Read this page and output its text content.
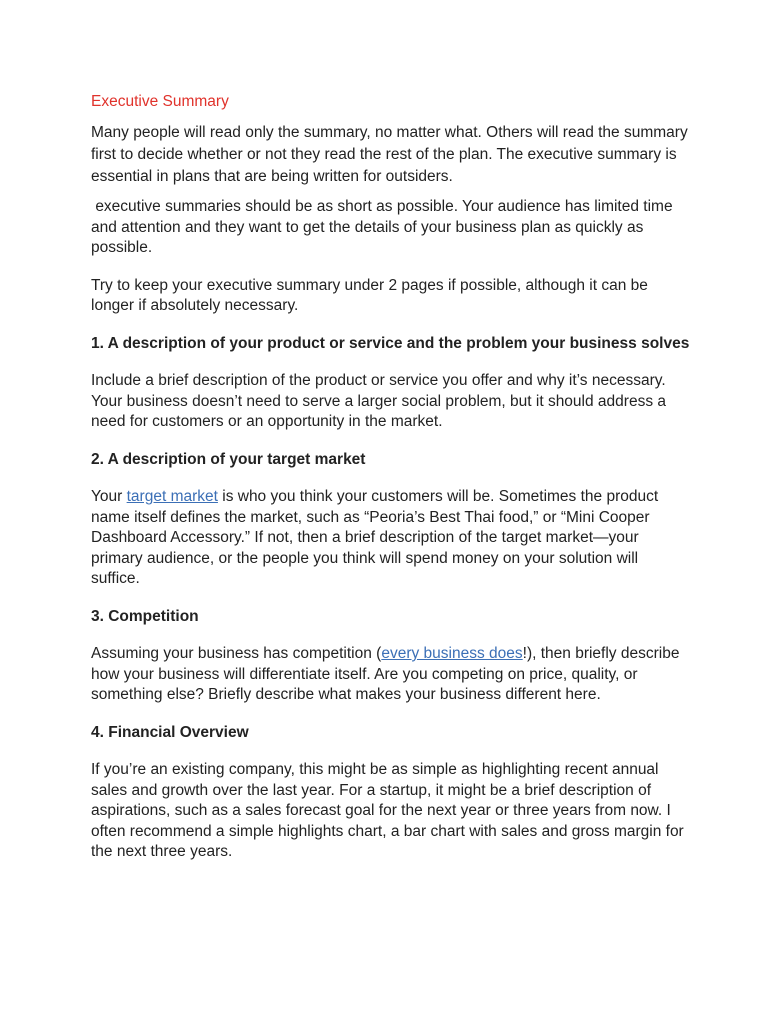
Executive Summary

Many people will read only the summary, no matter what. Others will read the summary first to decide whether or not they read the rest of the plan. The executive summary is essential in plans that are being written for outsiders.

executive summaries should be as short as possible. Your audience has limited time and attention and they want to get the details of your business plan as quickly as possible.

Try to keep your executive summary under 2 pages if possible, although it can be longer if absolutely necessary.

1. A description of your product or service and the problem your business solves

Include a brief description of the product or service you offer and why it’s necessary. Your business doesn’t need to serve a larger social problem, but it should address a need for customers or an opportunity in the market.

2. A description of your target market

Your target market is who you think your customers will be. Sometimes the product name itself defines the market, such as “Peoria’s Best Thai food,” or “Mini Cooper Dashboard Accessory.” If not, then a brief description of the target market—your primary audience, or the people you think will spend money on your solution will suffice.

3. Competition

Assuming your business has competition (every business does!), then briefly describe how your business will differentiate itself. Are you competing on price, quality, or something else? Briefly describe what makes your business different here.

4. Financial Overview

If you’re an existing company, this might be as simple as highlighting recent annual sales and growth over the last year. For a startup, it might be a brief description of aspirations, such as a sales forecast goal for the next year or three years from now. I often recommend a simple highlights chart, a bar chart with sales and gross margin for the next three years.
